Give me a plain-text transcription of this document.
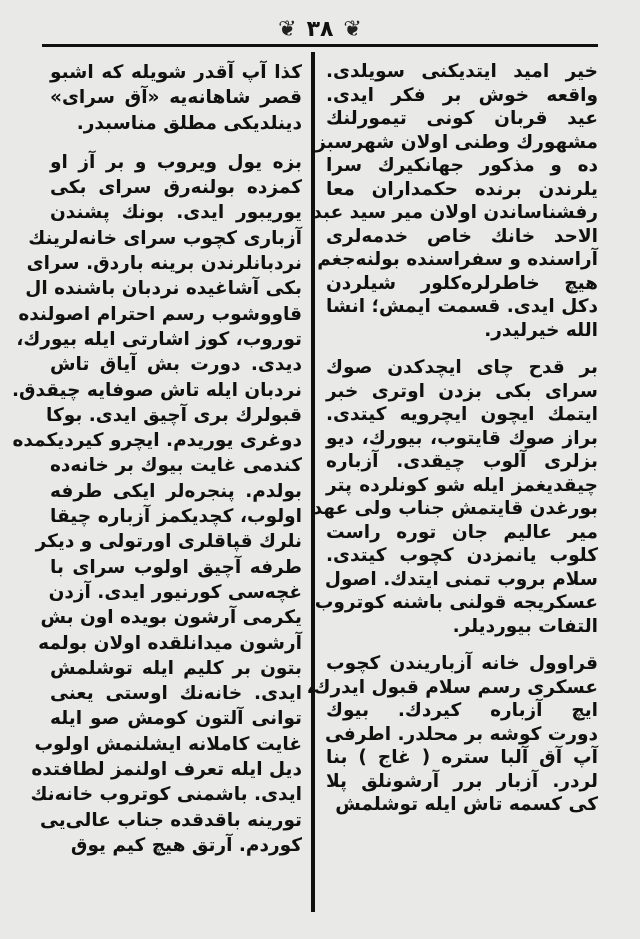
❦ ۳۸ ❦
خیر امید ایتدیکنی سویلدی.
واقعه خوش بر فکر ایدی.
عید قربان کونی تیمورلنك
مشهورك وطنی اولان شهرسبز
ده و مذکور جهانکیرك سرا‌
یلرندن برنده حکمداران معا‌
رفشناساندن اولان میر سید عبد
الاحد خانك خاص خدمه‌لری
آراسنده و سفراسنده بولنه‌جغم
هیچ خاطرلره‌کلور شیلردن
دکل ایدی. قسمت ایمش؛ انشا
الله خیرلیدر.
بر قدح چای ایچدکدن صوك
سرای بکی بزدن اوتری خبر
ایتمك ایچون ایچرویه کیتدی.
براز صوك قایتوب، بیورك، دیو
بزلری آلوب چیقدی. آزباره
چیقدیغمز ایله شو کونلرده پتر‌
بورغدن قایتمش جناب ولی عهد
میر عالیم جان توره راست
کلوب یانمزدن کچوب کیتدی.
سلام بروب تمنی ایتدك. اصول
عسکریجه قولنی باشنه کوتروب
التفات بیوردیلر.
قراوول خانه آزباریندن کچوب
عسکری رسم سلام قبول ایدرك،
ایچ آزباره کیردك. بیوك
دورت کوشه بر محلدر. اطرفی
آپ آق آلبا ستره ( غاج ) بنا‌
لردر. آزبار برر آرشونلق پلا
کی کسمه تاش ایله توشلمش
کذا آپ آقدر شویله که اشبو
قصر شاهانه‌یه «آق سرای»
دینلدیکی مطلق مناسبدر.
بزه یول ویروب و بر آز او‌
کمزده بولنه‌رق سرای بکی
یوریبور ایدی. بونك پشندن
آزباری کچوب سرای خانه‌لرینك
نردبانلرندن برینه باردق. سرای
بکی آشاغیده نردبان باشنده ال
قاووشوب رسم احترام اصولنده
توروب، کوز اشارتی ایله بیورك،
دیدی. دورت بش آیاق تاش
نردبان ایله تاش صوفایه چیقدق.
قبولرك بری آچیق ایدی. بوکا
دوغری یوریدم. ایچرو کیردیکمده
کندمی غایت بیوك بر خانه‌ده
بولدم. پنجره‌لر ایکی طرفه
اولوب، کچدیکمز آزباره چیقا
نلرك قپاقلری اورتولی و دیکر
طرفه آچیق اولوب سرای با‌
غچه‌سی کورنیور ایدی. آزدن
یکرمی آرشون بویده اون بش
آرشون میدانلقده اولان بولمه
بتون بر کلیم ایله توشلمش
ایدی. خانه‌نك اوستی یعنی
توانی آلتون کومش صو ایله
غایت کاملانه ایشلنمش اولوب
دیل ایله تعرف اولنمز لطافتده
ایدی. باشمنی کوتروب خانه‌نك
تورینه باقدقده جناب عالی‌یی
کوردم. آرتق هیچ کیم یوق
